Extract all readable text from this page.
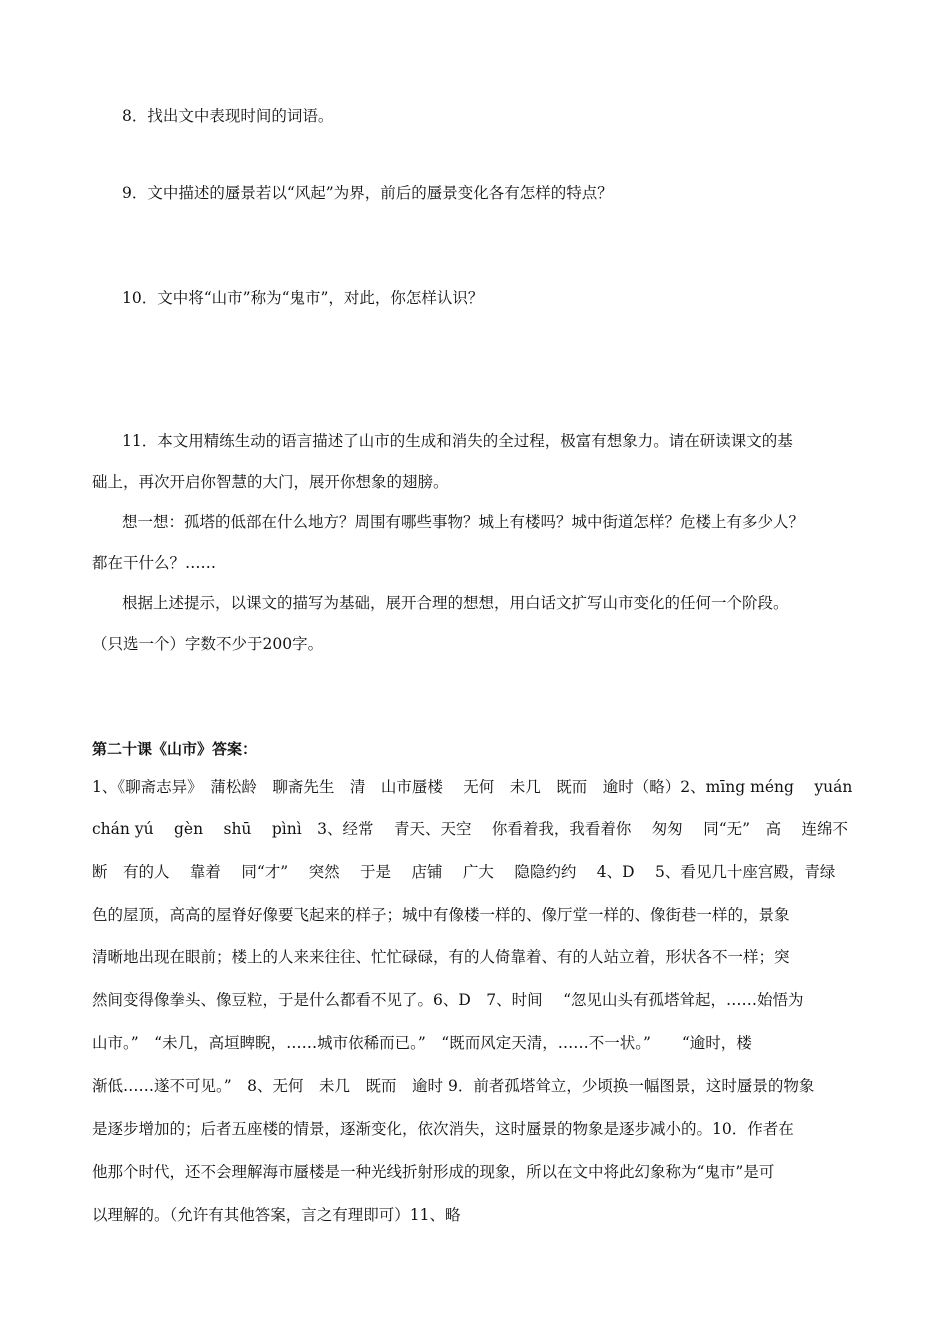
8．找出文中表现时间的词语。
9．文中描述的蜃景若以“风起”为界，前后的蜃景变化各有怎样的特点？
10．文中将“山市”称为“鬼市”，对此，你怎样认识？
11．本文用精练生动的语言描述了山市的生成和消失的全过程，极富有想象力。请在研读课文的基
础上，再次开启你智慧的大门，展开你想象的翅膀。
想一想：孤塔的低部在什么地方？周围有哪些事物？城上有楼吗？城中街道怎样？危楼上有多少人？
都在干什么？……
根据上述提示，以课文的描写为基础，展开合理的想想，用白话文扩写山市变化的任何一个阶段。
（只选一个）字数不少于200字。
第二十课《山市》答案：
1、《聊斋志异》　蒲松龄　聊斋先生　清　山市蜃楼　 无何　未几　既而　逾时（略）2、mīng méng　 yuán
chán yú　 gèn　 shū　 pìnì　3、经常　 青天、天空　 你看着我，我看着你　 匆匆　 同“无”　高　 连绵不
断　有的人　 靠着　 同“才”　 突然　 于是　 店铺　 广大　 隐隐约约　 4、D　 5、看见几十座宫殿，青绿
色的屋顶，高高的屋脊好像要飞起来的样子；城中有像楼一样的、像厅堂一样的、像街巷一样的，景象
清晰地出现在眼前；楼上的人来来往往、忙忙碌碌，有的人倚靠着、有的人站立着，形状各不一样；突
然间变得像拳头、像豆粒，于是什么都看不见了。6、D　7、时间　 “忽见山头有孤塔耸起，……始悟为
山市。”　“未几，高垣睥睨，……城市依稀而已。”　“既而风定天清，……不一状。”　　“逾时，楼
渐低……遂不可见。”　8、无何　未几　既而　逾时 9．前者孤塔耸立，少顷换一幅图景，这时蜃景的物象
是逐步增加的；后者五座楼的情景，逐渐变化，依次消失，这时蜃景的物象是逐步减小的。10．作者在
他那个时代，还不会理解海市蜃楼是一种光线折射形成的现象，所以在文中将此幻象称为“鬼市”是可
以理解的。（允许有其他答案，言之有理即可）11、略
